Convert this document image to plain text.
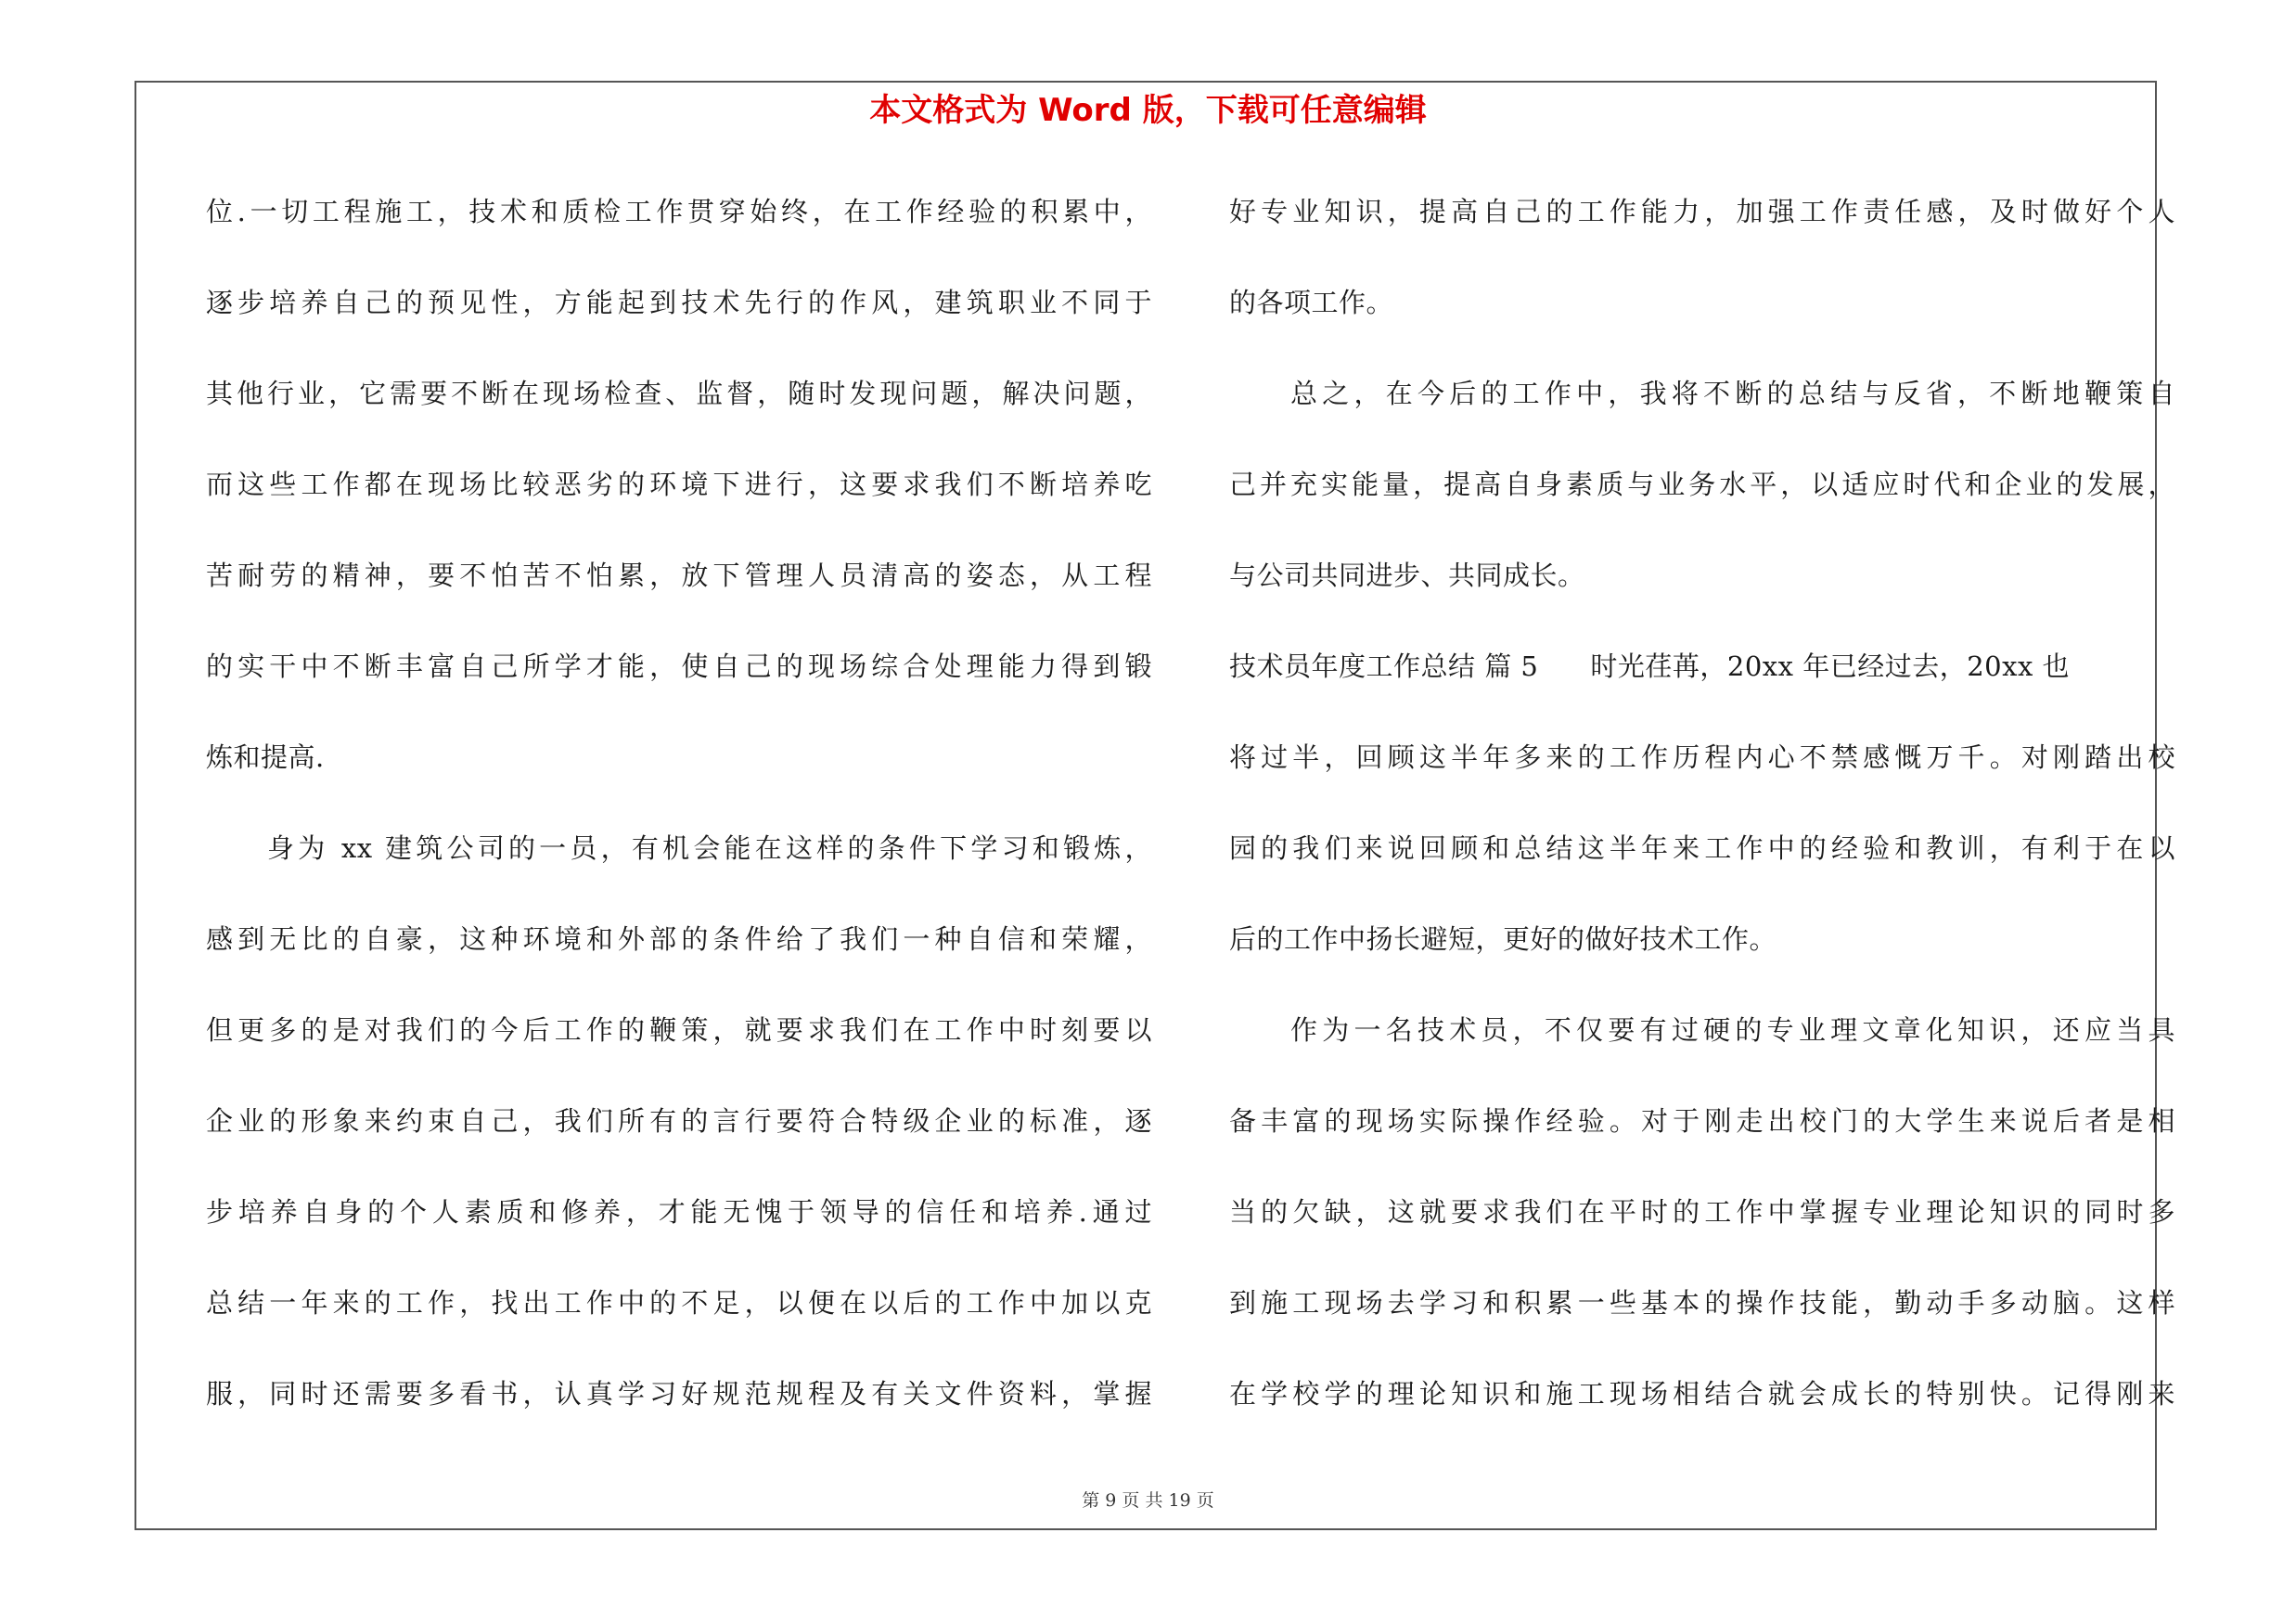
本文格式为 Word 版，下载可任意编辑
位.一切工程施工，技术和质检工作贯穿始终，在工作经验的积累中，
逐步培养自己的预见性，方能起到技术先行的作风，建筑职业不同于
其他行业，它需要不断在现场检查、监督，随时发现问题，解决问题，
而这些工作都在现场比较恶劣的环境下进行，这要求我们不断培养吃
苦耐劳的精神，要不怕苦不怕累，放下管理人员清高的姿态，从工程
的实干中不断丰富自己所学才能，使自己的现场综合处理能力得到锻
炼和提高.
身为 xx 建筑公司的一员，有机会能在这样的条件下学习和锻炼，
感到无比的自豪，这种环境和外部的条件给了我们一种自信和荣耀，
但更多的是对我们的今后工作的鞭策，就要求我们在工作中时刻要以
企业的形象来约束自己，我们所有的言行要符合特级企业的标准，逐
步培养自身的个人素质和修养，才能无愧于领导的信任和培养.通过
总结一年来的工作，找出工作中的不足，以便在以后的工作中加以克
服，同时还需要多看书，认真学习好规范规程及有关文件资料，掌握
好专业知识，提高自己的工作能力，加强工作责任感，及时做好个人
的各项工作。
总之，在今后的工作中，我将不断的总结与反省，不断地鞭策自
己并充实能量，提高自身素质与业务水平，以适应时代和企业的发展，
与公司共同进步、共同成长。
技术员年度工作总结 篇 5 时光荏苒，20xx 年已经过去，20xx 也
将过半，回顾这半年多来的工作历程内心不禁感慨万千。对刚踏出校
园的我们来说回顾和总结这半年来工作中的经验和教训，有利于在以
后的工作中扬长避短，更好的做好技术工作。
作为一名技术员，不仅要有过硬的专业理文章化知识，还应当具
备丰富的现场实际操作经验。对于刚走出校门的大学生来说后者是相
当的欠缺，这就要求我们在平时的工作中掌握专业理论知识的同时多
到施工现场去学习和积累一些基本的操作技能，勤动手多动脑。这样
在学校学的理论知识和施工现场相结合就会成长的特别快。记得刚来
第 9 页 共 19 页
